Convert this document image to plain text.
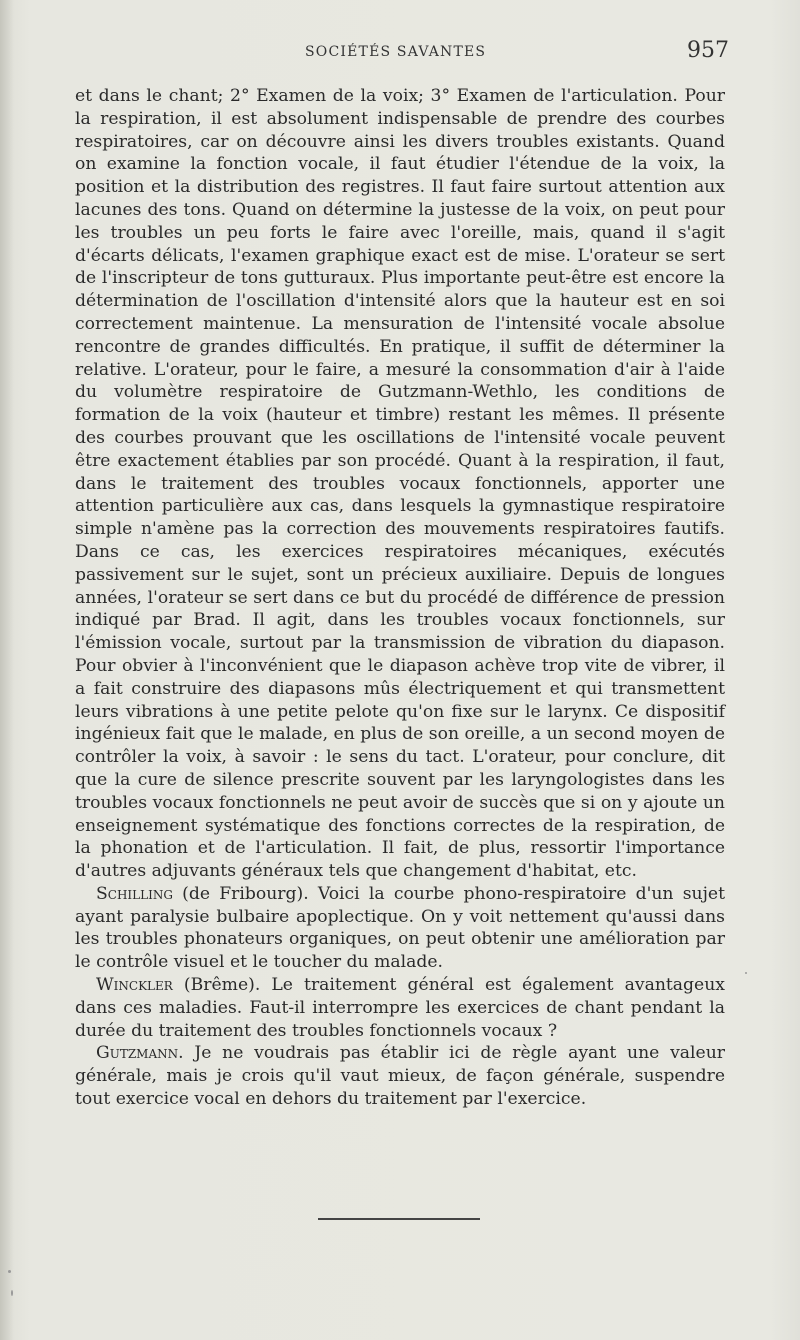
SOCIÉTÉS SAVANTES	957

et dans le chant; 2° Examen de la voix; 3° Examen de l'articulation. Pour la respiration, il est absolument indispensable de prendre des courbes respiratoires, car on découvre ainsi les divers troubles existants. Quand on examine la fonction vocale, il faut étudier l'étendue de la voix, la position et la distribution des registres. Il faut faire surtout attention aux lacunes des tons. Quand on détermine la justesse de la voix, on peut pour les troubles un peu forts le faire avec l'oreille, mais, quand il s'agit d'écarts délicats, l'examen graphique exact est de mise. L'orateur se sert de l'inscripteur de tons gutturaux. Plus importante peut-être est encore la détermination de l'oscillation d'intensité alors que la hauteur est en soi correctement maintenue. La mensuration de l'intensité vocale absolue rencontre de grandes difficultés. En pratique, il suffit de déterminer la relative. L'orateur, pour le faire, a mesuré la consommation d'air à l'aide du volumètre respiratoire de Gutzmann-Wethlo, les conditions de formation de la voix (hauteur et timbre) restant les mêmes. Il présente des courbes prouvant que les oscillations de l'intensité vocale peuvent être exactement établies par son procédé. Quant à la respiration, il faut, dans le traitement des troubles vocaux fonctionnels, apporter une attention particulière aux cas, dans lesquels la gymnastique respiratoire simple n'amène pas la correction des mouvements respiratoires fautifs. Dans ce cas, les exercices respiratoires mécaniques, exécutés passivement sur le sujet, sont un précieux auxiliaire. Depuis de longues années, l'orateur se sert dans ce but du procédé de différence de pression indiqué par Brad. Il agit, dans les troubles vocaux fonctionnels, sur l'émission vocale, surtout par la transmission de vibration du diapason. Pour obvier à l'inconvénient que le diapason achève trop vite de vibrer, il a fait construire des diapasons mûs électriquement et qui transmettent leurs vibrations à une petite pelote qu'on fixe sur le larynx. Ce dispositif ingénieux fait que le malade, en plus de son oreille, a un second moyen de contrôler la voix, à savoir : le sens du tact. L'orateur, pour conclure, dit que la cure de silence prescrite souvent par les laryngologistes dans les troubles vocaux fonctionnels ne peut avoir de succès que si on y ajoute un enseignement systématique des fonctions correctes de la respiration, de la phonation et de l'articulation. Il fait, de plus, ressortir l'importance d'autres adjuvants généraux tels que changement d'habitat, etc.

Schilling (de Fribourg). Voici la courbe phono-respiratoire d'un sujet ayant paralysie bulbaire apoplectique. On y voit nettement qu'aussi dans les troubles phonateurs organiques, on peut obtenir une amélioration par le contrôle visuel et le toucher du malade.

Winckler (Brême). Le traitement général est également avantageux dans ces maladies. Faut-il interrompre les exercices de chant pendant la durée du traitement des troubles fonctionnels vocaux ?

Gutzmann. Je ne voudrais pas établir ici de règle ayant une valeur générale, mais je crois qu'il vaut mieux, de façon générale, suspendre tout exercice vocal en dehors du traitement par l'exercice.
